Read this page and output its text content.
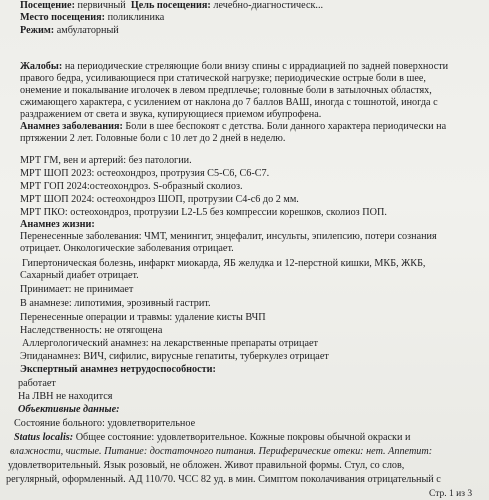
Посещение: первичный Цель посещения: лечебно-диагностическ...
Место посещения: поликлиника
Режим: амбулаторный
Жалобы: на периодические стреляющие боли внизу спины с иррадиацией по задней поверхности
правого бедра, усиливающиеся при статической нагрузке; периодические острые боли в шее,
онемение и покалывание иголочек в левом предплечье; головные боли в затылочных областях,
сжимающего характера, с усилением от наклона до 7 баллов ВАШ, иногда с тошнотой, иногда с
раздражением от света и звука, купирующиеся приемом ибупрофена.
Анамнез заболевания: Боли в шее беспокоят с детства. Боли данного характера периодически на
пртяжении 2 лет. Головные боли с 10 лет до 2 дней в неделю.
МРТ ГМ, вен и артерий: без патологии.
МРТ ШОП 2023: остеохондроз, протрузия С5-С6, С6-С7.
МРТ ГОП 2024:остеохондроз. S-образный сколиоз.
МРТ ШОП 2024: остеохондроз ШОП, протрузии С4-с6 до 2 мм.
МРТ ПКО: остеохондроз, протрузии L2-L5 без компрессии корешков, сколиоз ПОП.
Анамнез жизни:
Перенесенные заболевания: ЧМТ, менингит, энцефалит, инсульты, эпилепсию, потери сознания
отрицает. Онкологические заболевания отрицает.
Гипертоническая болезнь, инфаркт миокарда, ЯБ желудка и 12-перстной кишки, МКБ, ЖКБ,
Сахарный диабет отрицает.
Принимает: не принимает
В анамнезе: липотимия, эрозивный гастрит.
Перенесенные операции и травмы: удаление кисты ВЧП
Наследственность: не отягощена
Аллергологический анамнез: на лекарственные препараты отрицает
Эпиданамнез: ВИЧ, сифилис, вирусные гепатиты, туберкулез отрицает
Экспертный анамнез нетрудоспособности:
работает
На ЛВН не находится
Объективные данные:
Состояние больного: удовлетворительное
Status localis: Общее состояние: удовлетворительное. Кожные покровы обычной окраски и
влажности, чистые. Питание: достаточного питания. Периферические отеки: нет. Аппетит:
удовлетворительный. Язык розовый, не обложен. Живот правильной формы. Стул, со слов,
регулярный, оформленный. АД 110/70. ЧСС 82 уд. в мин. Симптом поколачивания отрицательный с
Стр. 1 из 3
